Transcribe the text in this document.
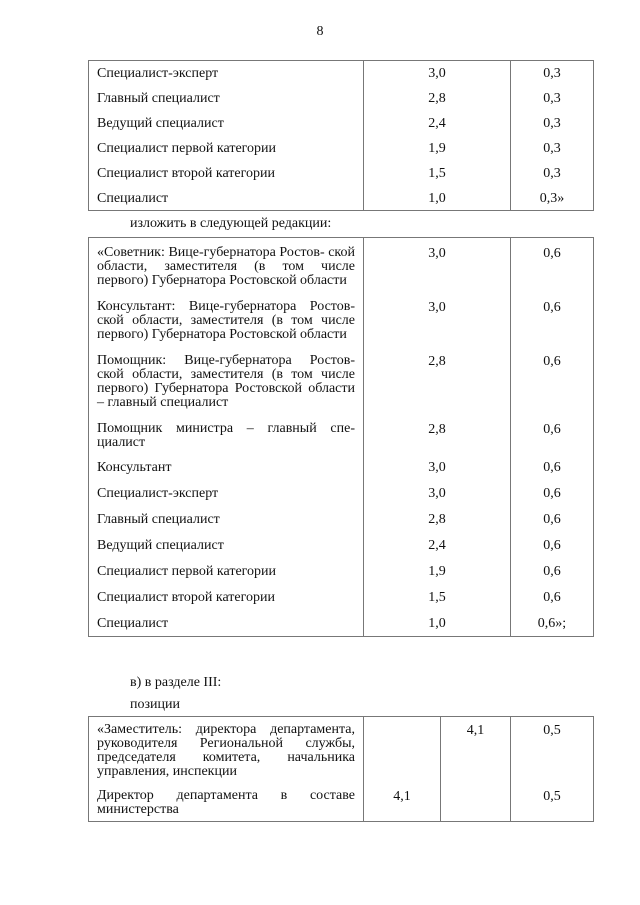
8
Специалист-эксперт	3,0	0,3
Главный специалист	2,8	0,3
Ведущий специалист	2,4	0,3
Специалист первой категории	1,9	0,3
Специалист второй категории	1,5	0,3
Специалист	1,0	0,3»
изложить в следующей редакции:
«Советник: Вице-губернатора Ростов- ской области, заместителя (в том числе первого) Губернатора Ростовской области	3,0	0,6
Консультант: Вице-губернатора Ростов- ской области, заместителя (в том числе первого) Губернатора Ростовской области	3,0	0,6
Помощник: Вице-губернатора Ростов- ской области, заместителя (в том числе первого) Губернатора Ростовской области – главный специалист	2,8	0,6
Помощник министра – главный спе- циалист	2,8	0,6
Консультант	3,0	0,6
Специалист-эксперт	3,0	0,6
Главный специалист	2,8	0,6
Ведущий специалист	2,4	0,6
Специалист первой категории	1,9	0,6
Специалист второй категории	1,5	0,6
Специалист	1,0	0,6»;
в) в разделе III:
позиции
«Заместитель: директора департамента, руководителя Региональной службы, председателя комитета, начальника управления, инспекции		4,1	0,5
Директор департамента в составе министерства	4,1		0,5
